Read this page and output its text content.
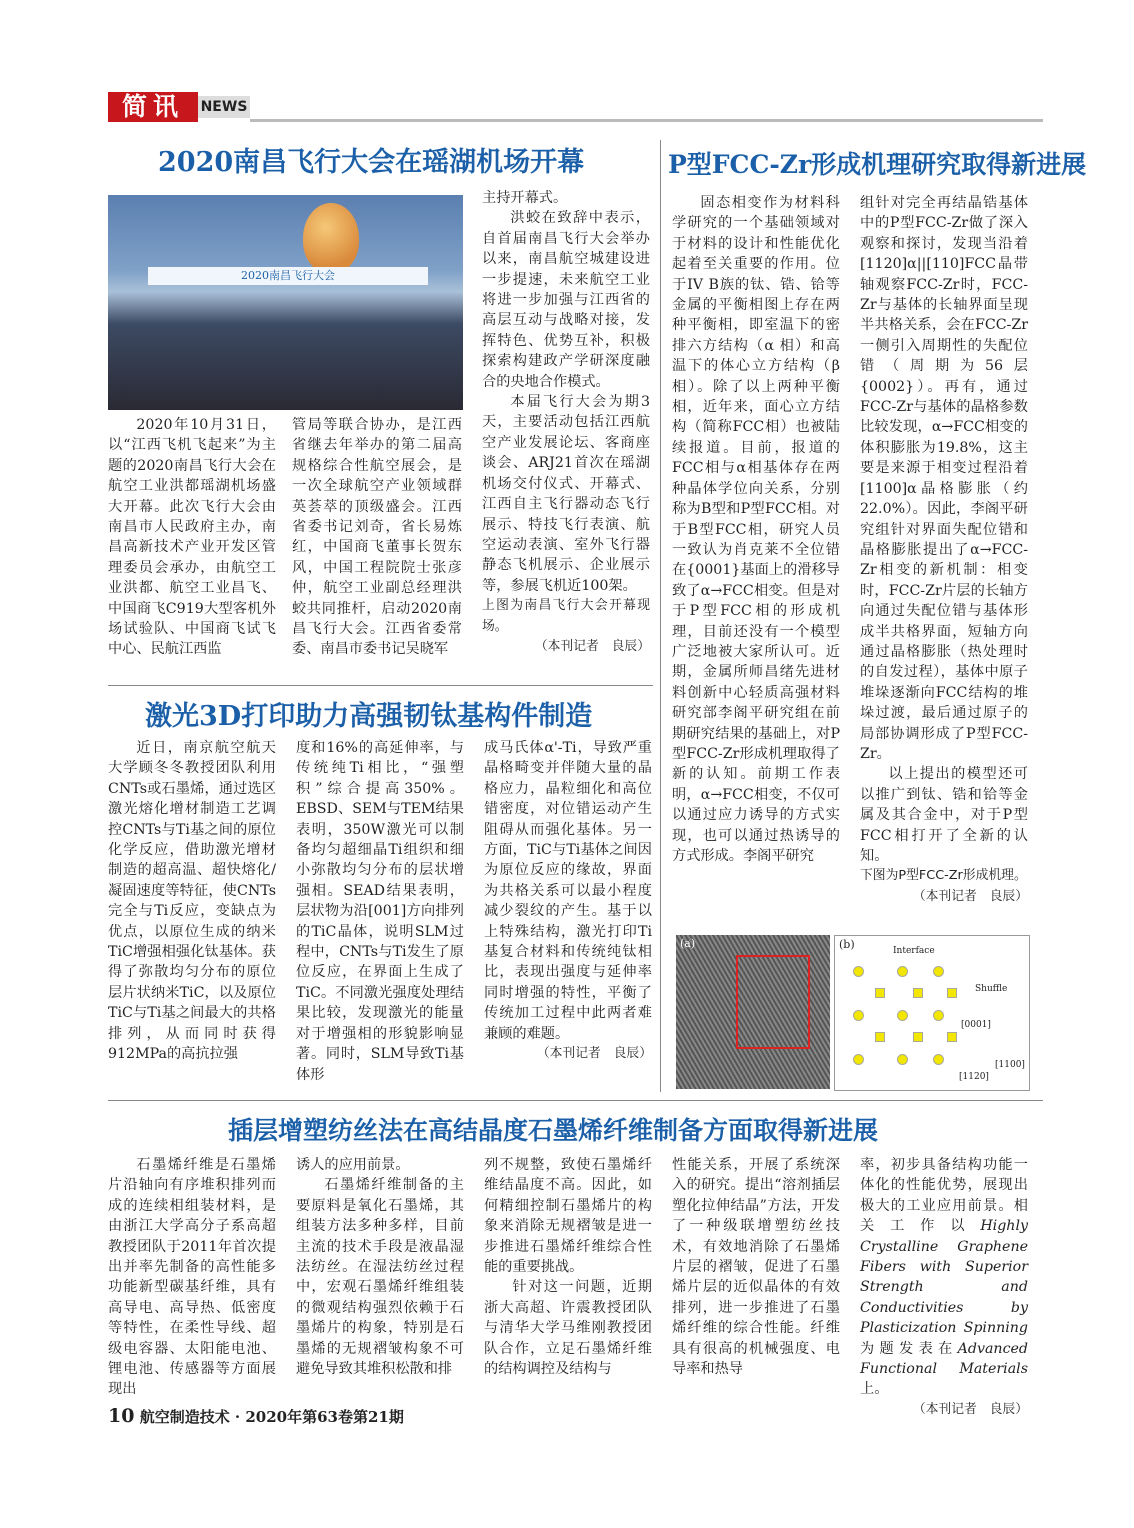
简讯	NEWS
2020南昌飞行大会在瑶湖机场开幕
2020南昌飞行大会

2020年10月31日，以“江西飞机飞起来”为主题的2020南昌飞行大会在航空工业洪都瑶湖机场盛大开幕。此次飞行大会由南昌市人民政府主办，南昌高新技术产业开发区管理委员会承办，由航空工业洪都、航空工业昌飞、中国商飞C919大型客机外场试验队、中国商飞试飞中心、民航江西监

管局等联合协办，是江西省继去年举办的第二届高规格综合性航空展会，是一次全球航空产业领域群英荟萃的顶级盛会。江西省委书记刘奇，省长易炼红，中国商飞董事长贺东风，中国工程院院士张彦仲，航空工业副总经理洪蛟共同推杆，启动2020南昌飞行大会。江西省委常委、南昌市委书记吴晓军

主持开幕式。

洪蛟在致辞中表示，自首届南昌飞行大会举办以来，南昌航空城建设进一步提速，未来航空工业将进一步加强与江西省的高层互动与战略对接，发挥特色、优势互补，积极探索构建政产学研深度融合的央地合作模式。

本届飞行大会为期3天，主要活动包括江西航空产业发展论坛、客商座谈会、ARJ21首次在瑶湖机场交付仪式、开幕式、江西自主飞行器动态飞行展示、特技飞行表演、航空运动表演、室外飞行器静态飞机展示、企业展示等，参展飞机近100架。

上图为南昌飞行大会开幕现场。

（本刊记者　良辰）

激光3D打印助力高强韧钛基构件制造

近日，南京航空航天大学顾冬冬教授团队利用CNTs或石墨烯，通过选区激光熔化增材制造工艺调控CNTs与Ti基之间的原位化学反应，借助激光增材制造的超高温、超快熔化/凝固速度等特征，使CNTs完全与Ti反应，变缺点为优点，以原位生成的纳米TiC增强相强化钛基体。获得了弥散均匀分布的原位层片状纳米TiC，以及原位TiC与Ti基之间最大的共格排列，从而同时获得912MPa的高抗拉强

度和16%的高延伸率，与传统纯Ti相比，“强塑积”综合提高350%。EBSD、SEM与TEM结果表明，350W激光可以制备均匀超细晶Ti组织和细小弥散均匀分布的层状增强相。SEAD结果表明，层状物为沿[001]方向排列的TiC晶体，说明SLM过程中，CNTs与Ti发生了原位反应，在界面上生成了TiC。不同激光强度处理结果比较，发现激光的能量对于增强相的形貌影响显著。同时，SLM导致Ti基体形

成马氏体α'-Ti，导致严重晶格畸变并伴随大量的晶格应力，晶粒细化和高位错密度，对位错运动产生阻碍从而强化基体。另一方面，TiC与Ti基体之间因为原位反应的缘故，界面为共格关系可以最小程度减少裂纹的产生。基于以上特殊结构，激光打印Ti基复合材料和传统纯钛相比，表现出强度与延伸率同时增强的特性，平衡了传统加工过程中此两者难兼顾的难题。

（本刊记者　良辰）

P型FCC-Zr形成机理研究取得新进展

固态相变作为材料科学研究的一个基础领域对于材料的设计和性能优化起着至关重要的作用。位于IV B族的钛、锆、铪等金属的平衡相图上存在两种平衡相，即室温下的密排六方结构（α 相）和高温下的体心立方结构（β 相）。除了以上两种平衡相，近年来，面心立方结构（简称FCC相）也被陆续报道。目前，报道的FCC相与α相基体存在两种晶体学位向关系，分别称为B型和P型FCC相。对于B型FCC相，研究人员一致认为肖克莱不全位错在{0001}基面上的滑移导致了α→FCC相变。但是对于P型FCC相的形成机理，目前还没有一个模型广泛地被大家所认可。近期，金属所师昌绪先进材料创新中心轻质高强材料研究部李阁平研究组在前期研究结果的基础上，对P型FCC-Zr形成机理取得了新的认知。前期工作表明，α→FCC相变，不仅可以通过应力诱导的方式实现，也可以通过热诱导的方式形成。李阁平研究

组针对完全再结晶锆基体中的P型FCC-Zr做了深入观察和探讨，发现当沿着[1120]α||[110]FCC晶带轴观察FCC-Zr时，FCC-Zr与基体的长轴界面呈现半共格关系，会在FCC-Zr一侧引入周期性的失配位错（周期为56层{0002}）。再有，通过FCC-Zr与基体的晶格参数比较发现，α→FCC相变的体积膨胀为19.8%，这主要是来源于相变过程沿着[1100]α晶格膨胀（约22.0%）。因此，李阁平研究组针对界面失配位错和晶格膨胀提出了α→FCC-Zr相变的新机制：相变时，FCC-Zr片层的长轴方向通过失配位错与基体形成半共格界面，短轴方向通过晶格膨胀（热处理时的自发过程），基体中原子堆垛逐渐向FCC结构的堆垛过渡，最后通过原子的局部协调形成了P型FCC-Zr。

以上提出的模型还可以推广到钛、锆和铪等金属及其合金中，对于P型FCC相打开了全新的认知。

下图为P型FCC-Zr形成机理。

（本刊记者　良辰）

(a)	(b)	Interface
Shuffle
[0001]
[1100]
[1120]
插层增塑纺丝法在高结晶度石墨烯纤维制备方面取得新进展

石墨烯纤维是石墨烯片沿轴向有序堆积排列而成的连续相组装材料，是由浙江大学高分子系高超教授团队于2011年首次提出并率先制备的高性能多功能新型碳基纤维，具有高导电、高导热、低密度等特性，在柔性导线、超级电容器、太阳能电池、锂电池、传感器等方面展现出

诱人的应用前景。

石墨烯纤维制备的主要原料是氧化石墨烯，其组装方法多种多样，目前主流的技术手段是液晶湿法纺丝。在湿法纺丝过程中，宏观石墨烯纤维组装的微观结构强烈依赖于石墨烯片的构象，特别是石墨烯的无规褶皱构象不可避免导致其堆积松散和排

列不规整，致使石墨烯纤维结晶度不高。因此，如何精细控制石墨烯片的构象来消除无规褶皱是进一步推进石墨烯纤维综合性能的重要挑战。

针对这一问题，近期浙大高超、许震教授团队与清华大学马维刚教授团队合作，立足石墨烯纤维的结构调控及结构与

性能关系，开展了系统深入的研究。提出“溶剂插层塑化拉伸结晶”方法，开发了一种级联增塑纺丝技术，有效地消除了石墨烯片层的褶皱，促进了石墨烯片层的近似晶体的有效排列，进一步推进了石墨烯纤维的综合性能。纤维具有很高的机械强度、电导率和热导

率，初步具备结构功能一体化的性能优势，展现出极大的工业应用前景。相关工作以Highly Crystalline Graphene Fibers with Superior Strength and Conductivities by Plasticization Spinning为题发表在Advanced Functional Materials上。

（本刊记者　良辰）

10 航空制造技术 · 2020年第63卷第21期
